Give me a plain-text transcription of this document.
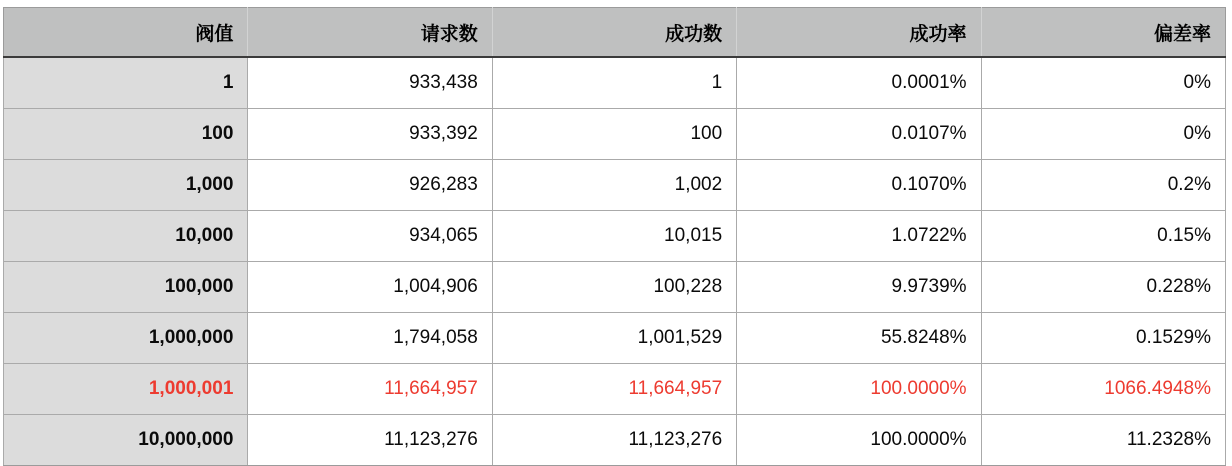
阀值	请求数	成功数	成功率	偏差率
1	933,438	1	0.0001%	0%
100	933,392	100	0.0107%	0%
1,000	926,283	1,002	0.1070%	0.2%
10,000	934,065	10,015	1.0722%	0.15%
100,000	1,004,906	100,228	9.9739%	0.228%
1,000,000	1,794,058	1,001,529	55.8248%	0.1529%
1,000,001	11,664,957	11,664,957	100.0000%	1066.4948%
10,000,000	11,123,276	11,123,276	100.0000%	11.2328%
